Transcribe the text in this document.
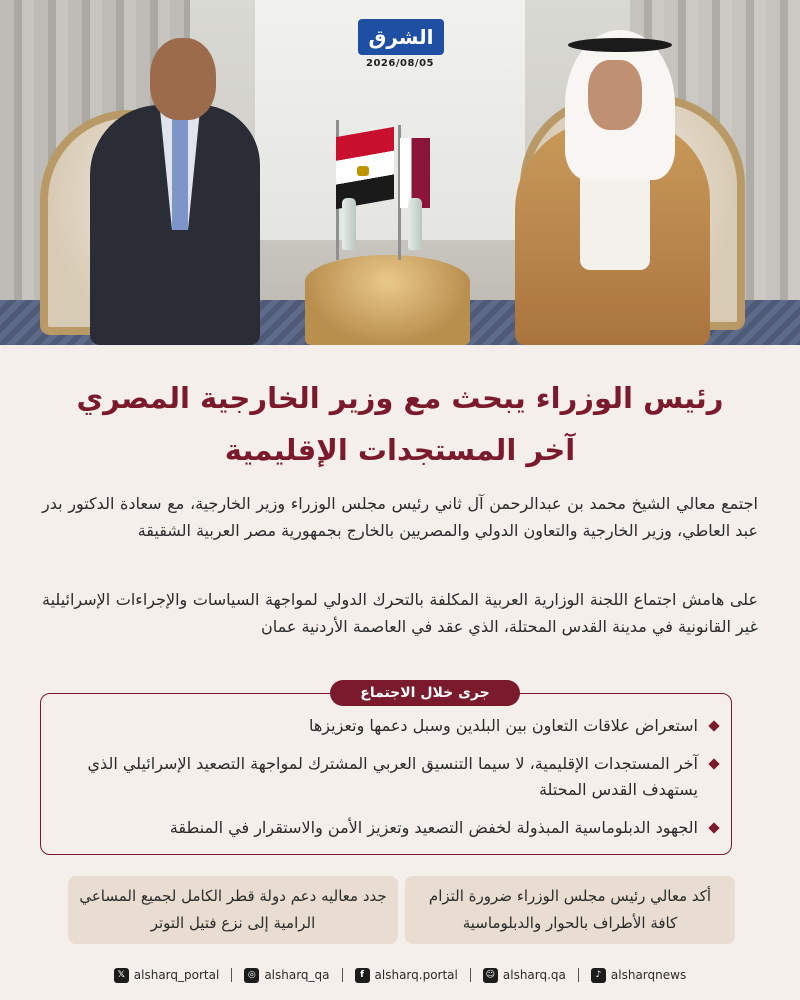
الشرق
2026/08/05
رئيس الوزراء يبحث مع وزير الخارجية المصري
آخر المستجدات الإقليمية
اجتمع معالي الشيخ محمد بن عبدالرحمن آل ثاني رئيس مجلس الوزراء وزير الخارجية، مع سعادة الدكتور بدر عبد العاطي، وزير الخارجية والتعاون الدولي والمصريين بالخارج بجمهورية مصر العربية الشقيقة
على هامش اجتماع اللجنة الوزارية العربية المكلفة بالتحرك الدولي لمواجهة السياسات والإجراءات الإسرائيلية غير القانونية في مدينة القدس المحتلة، الذي عقد في العاصمة الأردنية عمان
جرى خلال الاجتماع
استعراض علاقات التعاون بين البلدين وسبل دعمها وتعزيزها
آخر المستجدات الإقليمية، لا سيما التنسيق العربي المشترك لمواجهة التصعيد الإسرائيلي الذي يستهدف القدس المحتلة
الجهود الدبلوماسية المبذولة لخفض التصعيد وتعزيز الأمن والاستقرار في المنطقة
أكد معالي رئيس مجلس الوزراء ضرورة التزام كافة الأطراف بالحوار والدبلوماسية
جدد معاليه دعم دولة قطر الكامل لجميع المساعي الرامية إلى نزع فتيل التوتر
𝕏 alsharq_portal	◎ alsharq_qa	f alsharq.portal	☺ alsharq.qa	♪ alsharqnews
